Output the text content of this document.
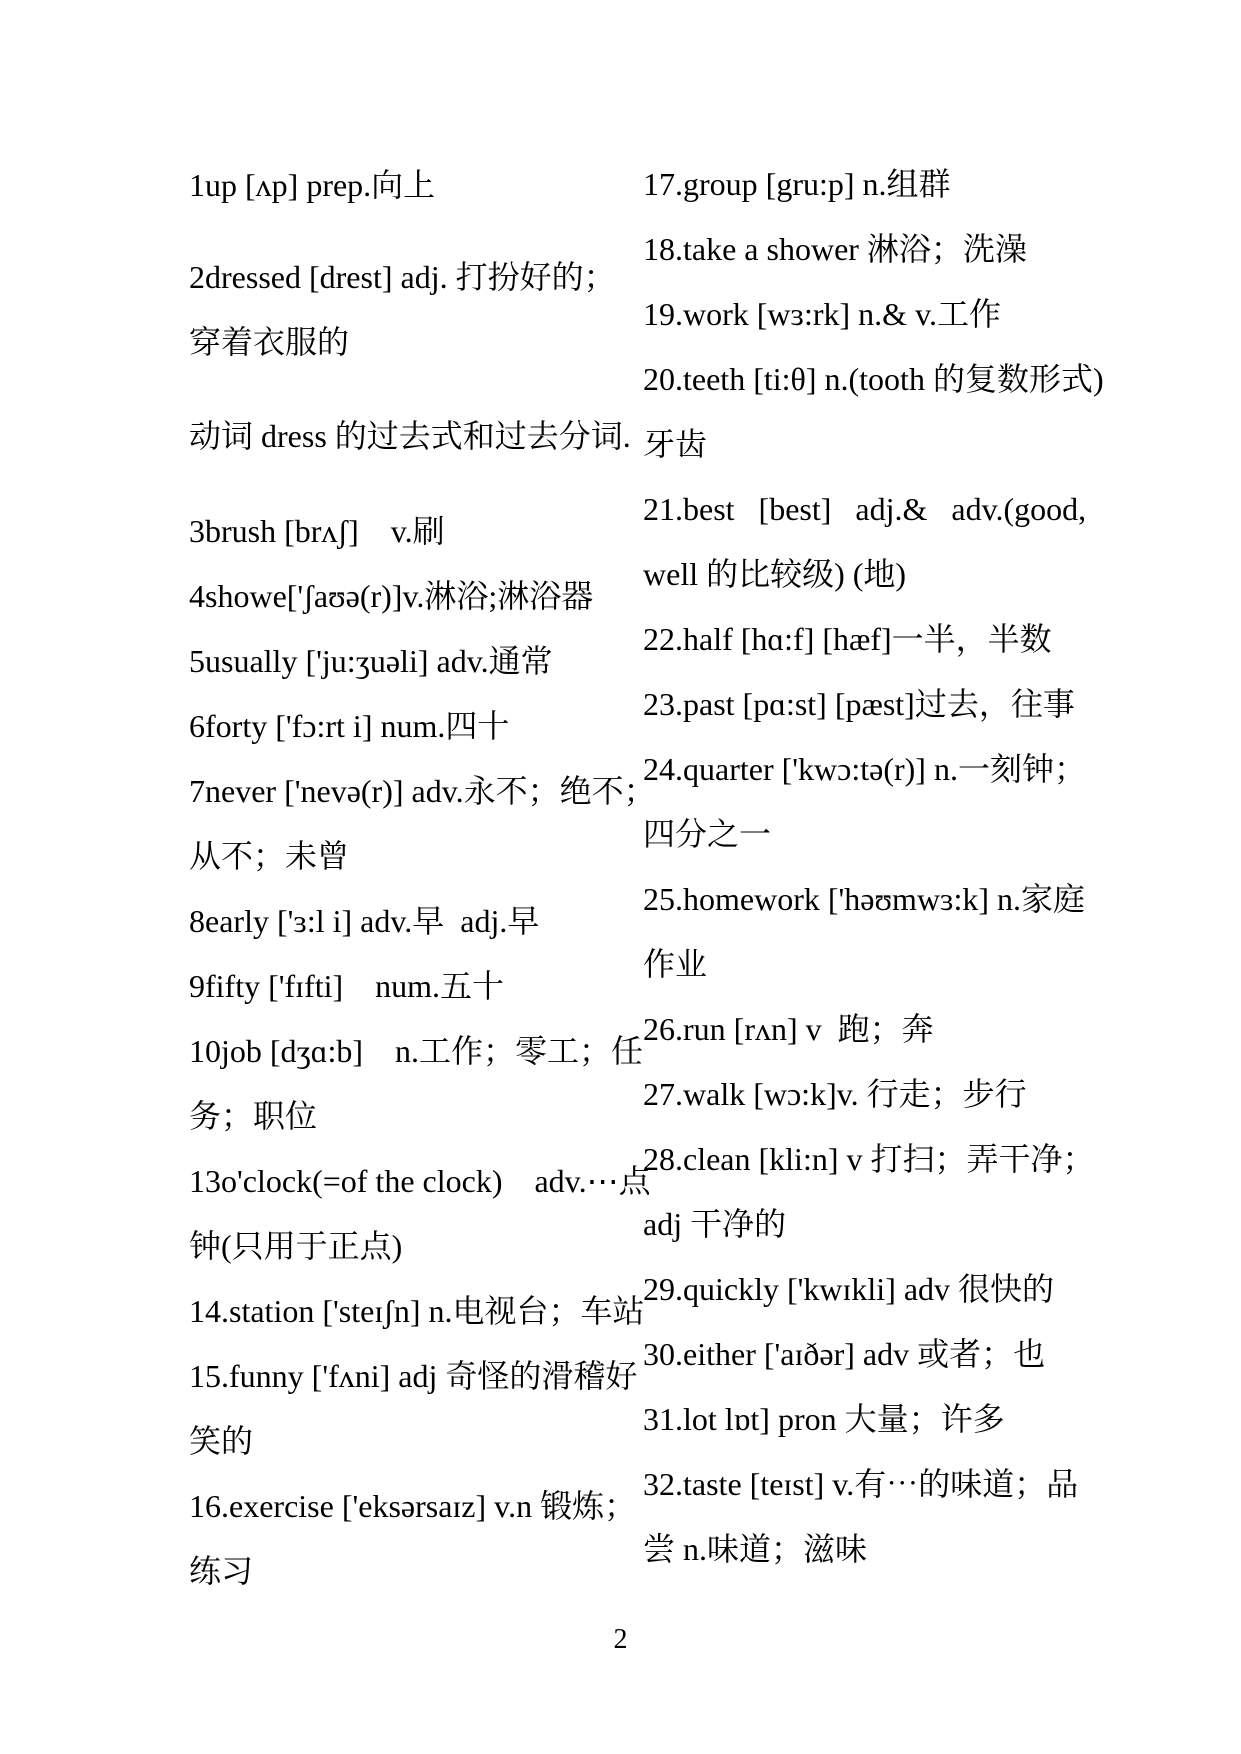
1up [ʌp] prep.向上
2dressed [drest] adj. 打扮好的；
穿着衣服的
动词 dress 的过去式和过去分词.
3brush [brʌʃ]    v.刷
4showe['ʃaʊə(r)]v.淋浴;淋浴器
5usually ['ju:ʒuəli] adv.通常
6forty ['fɔ:rt i] num.四十
7never ['nevə(r)] adv.永不；绝不；
从不；未曾
8early ['ɜ:l i] adv.早  adj.早
9fifty ['fɪfti]    num.五十
10job [dʒɑ:b]    n.工作；零工；任
务；职位
13o'clock(=of the clock)    adv.⋯点
钟(只用于正点)
14.station ['steɪʃn] n.电视台；车站
15.funny ['fʌni] adj 奇怪的滑稽好
笑的
16.exercise ['eksərsaɪz] v.n 锻炼；
练习
17.group [gru:p] n.组群
18.take a shower 淋浴；洗澡
19.work [wɜ:rk] n.& v.工作
20.teeth [ti:θ] n.(tooth 的复数形式)
牙齿
21.best   [best]   adj.&   adv.(good,
well 的比较级) (地)
22.half [hɑ:f] [hæf]一半，半数
23.past [pɑ:st] [pæst]过去，往事
24.quarter ['kwɔ:tə(r)] n.一刻钟；
四分之一
25.homework ['həʊmwɜ:k] n.家庭
作业
26.run [rʌn] v  跑；奔
27.walk [wɔ:k]v. 行走；步行
28.clean [kli:n] v 打扫；弄干净；
adj 干净的
29.quickly ['kwɪkli] adv 很快的
30.either ['aɪðər] adv 或者；也
31.lot lɒt] pron 大量；许多
32.taste [teɪst] v.有⋯的味道；品
尝 n.味道；滋味
2
